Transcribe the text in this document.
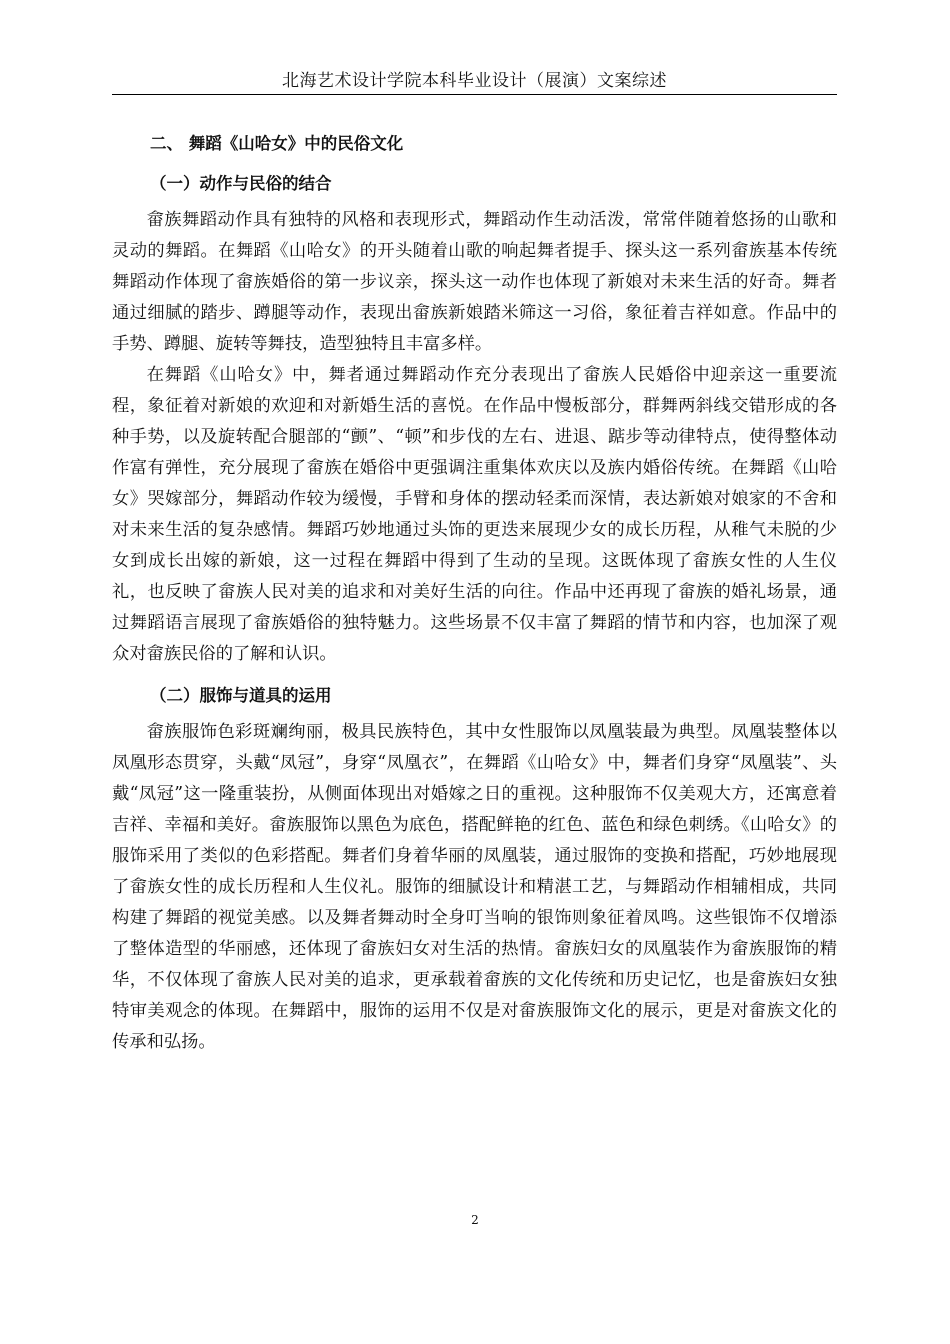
北海艺术设计学院本科毕业设计（展演）文案综述
二、 舞蹈《山哈女》中的民俗文化
（一）动作与民俗的结合

畲族舞蹈动作具有独特的风格和表现形式，舞蹈动作生动活泼，常常伴随着悠扬的山歌和灵动的舞蹈。在舞蹈《山哈女》的开头随着山歌的响起舞者提手、探头这一系列畲族基本传统舞蹈动作体现了畲族婚俗的第一步议亲，探头这一动作也体现了新娘对未来生活的好奇。舞者通过细腻的踏步、蹲腿等动作，表现出畲族新娘踏米筛这一习俗，象征着吉祥如意。作品中的手势、蹲腿、旋转等舞技，造型独特且丰富多样。

在舞蹈《山哈女》中，舞者通过舞蹈动作充分表现出了畲族人民婚俗中迎亲这一重要流程，象征着对新娘的欢迎和对新婚生活的喜悦。在作品中慢板部分，群舞两斜线交错形成的各种手势，以及旋转配合腿部的“颤”、“顿”和步伐的左右、进退、踮步等动律特点，使得整体动作富有弹性，充分展现了畲族在婚俗中更强调注重集体欢庆以及族内婚俗传统。在舞蹈《山哈女》哭嫁部分，舞蹈动作较为缓慢，手臂和身体的摆动轻柔而深情，表达新娘对娘家的不舍和对未来生活的复杂感情。舞蹈巧妙地通过头饰的更迭来展现少女的成长历程，从稚气未脱的少女到成长出嫁的新娘，这一过程在舞蹈中得到了生动的呈现。这既体现了畲族女性的人生仪礼，也反映了畲族人民对美的追求和对美好生活的向往。作品中还再现了畲族的婚礼场景，通过舞蹈语言展现了畲族婚俗的独特魅力。这些场景不仅丰富了舞蹈的情节和内容，也加深了观众对畲族民俗的了解和认识。

（二）服饰与道具的运用

畲族服饰色彩斑斓绚丽，极具民族特色，其中女性服饰以凤凰装最为典型。凤凰装整体以凤凰形态贯穿，头戴“凤冠”，身穿“凤凰衣”，在舞蹈《山哈女》中，舞者们身穿“凤凰装”、头戴“凤冠”这一隆重装扮，从侧面体现出对婚嫁之日的重视。这种服饰不仅美观大方，还寓意着吉祥、幸福和美好。畲族服饰以黑色为底色，搭配鲜艳的红色、蓝色和绿色刺绣。《山哈女》的服饰采用了类似的色彩搭配。舞者们身着华丽的凤凰装，通过服饰的变换和搭配，巧妙地展现了畲族女性的成长历程和人生仪礼。服饰的细腻设计和精湛工艺，与舞蹈动作相辅相成，共同构建了舞蹈的视觉美感。以及舞者舞动时全身叮当响的银饰则象征着凤鸣。这些银饰不仅增添了整体造型的华丽感，还体现了畲族妇女对生活的热情。畲族妇女的凤凰装作为畲族服饰的精华，不仅体现了畲族人民对美的追求，更承载着畲族的文化传统和历史记忆，也是畲族妇女独特审美观念的体现。在舞蹈中，服饰的运用不仅是对畲族服饰文化的展示，更是对畲族文化的传承和弘扬。

2
